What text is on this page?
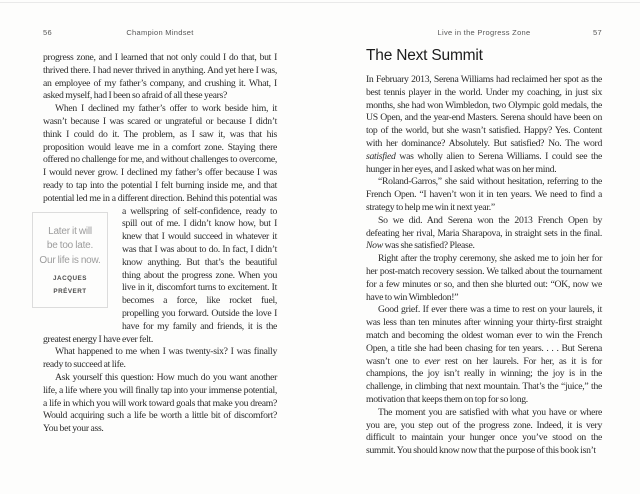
56	Champion Mindset

progress zone, and I learned that not only could I do that, but I thrived there. I had never thrived in anything. And yet here I was, an employee of my father’s company, and crushing it. What, I asked myself, had I been so afraid of all these years?

When I declined my father’s offer to work beside him, it wasn’t because I was scared or ungrateful or because I didn’t think I could do it. The problem, as I saw it, was that his proposition would leave me in a comfort zone. Staying there offered no challenge for me, and without challenges to overcome, I would never grow. I declined my father’s offer because I was ready to tap into the potential I felt burning inside me, and that potential led me in a different direction. Behind this
Later it will
be too late.
Our life is now.
JACQUES PRÉVERT
potential was a wellspring of self-confidence, ready to spill out of me. I didn’t know how, but I knew that I would succeed in whatever it was that I was about to do. In fact, I didn’t know anything. But that’s the beautiful thing about the progress zone. When you live in it, discomfort turns to excitement. It becomes a force, like rocket fuel, propelling you forward. Outside the love I have for my family and friends, it is the greatest energy I have ever felt.

What happened to me when I was twenty-six? I was finally ready to succeed at life.

Ask yourself this question: How much do you want another life, a life where you will finally tap into your immense potential, a life in which you will work toward goals that make you dream? Would acquiring such a life be worth a little bit of discomfort? You bet your ass.

Live in the Progress Zone	57
The Next Summit

In February 2013, Serena Williams had reclaimed her spot as the best tennis player in the world. Under my coaching, in just six months, she had won Wimbledon, two Olympic gold medals, the US Open, and the year-end Masters. Serena should have been on top of the world, but she wasn’t satisfied. Happy? Yes. Content with her dominance? Absolutely. But satisfied? No. The word satisfied was wholly alien to Serena Williams. I could see the hunger in her eyes, and I asked what was on her mind.

“Roland-Garros,” she said without hesitation, referring to the French Open. “I haven’t won it in ten years. We need to find a strategy to help me win it next year.”

So we did. And Serena won the 2013 French Open by defeating her rival, Maria Sharapova, in straight sets in the final. Now was she satisfied? Please.

Right after the trophy ceremony, she asked me to join her for her post-match recovery session. We talked about the tournament for a few minutes or so, and then she blurted out: “OK, now we have to win Wimbledon!”

Good grief. If ever there was a time to rest on your laurels, it was less than ten minutes after winning your thirty-first straight match and becoming the oldest woman ever to win the French Open, a title she had been chasing for ten years. . . . But Serena wasn’t one to ever rest on her laurels. For her, as it is for champions, the joy isn’t really in winning; the joy is in the challenge, in climbing that next mountain. That’s the “juice,” the motivation that keeps them on top for so long.

The moment you are satisfied with what you have or where you are, you step out of the progress zone. Indeed, it is very difficult to maintain your hunger once you’ve stood on the summit. You should know now that the purpose of this book isn’t
